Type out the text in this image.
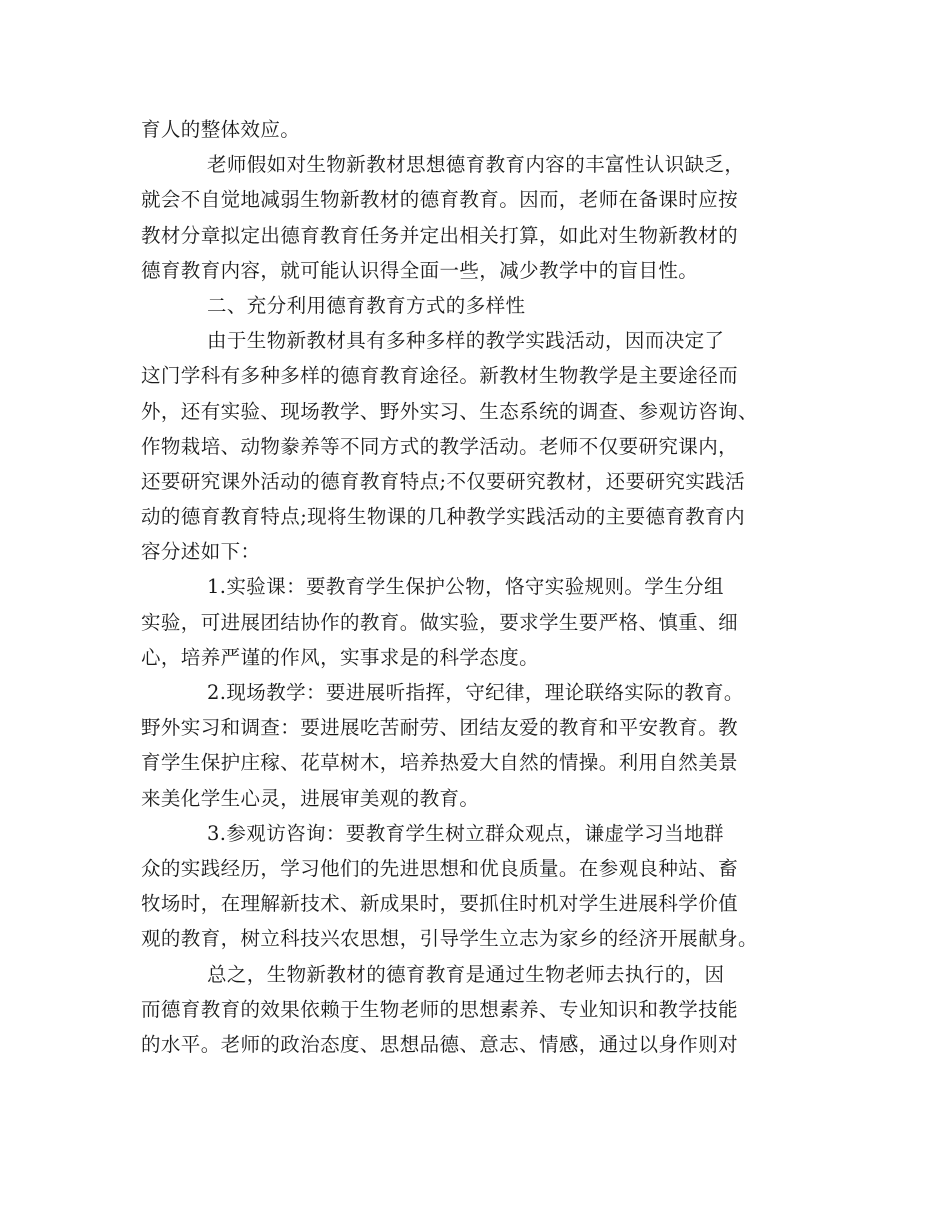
育人的整体效应。
老师假如对生物新教材思想德育教育内容的丰富性认识缺乏，
就会不自觉地减弱生物新教材的德育教育。因而，老师在备课时应按
教材分章拟定出德育教育任务并定出相关打算，如此对生物新教材的
德育教育内容，就可能认识得全面一些，减少教学中的盲目性。
二、充分利用德育教育方式的多样性
由于生物新教材具有多种多样的教学实践活动，因而决定了
这门学科有多种多样的德育教育途径。新教材生物教学是主要途径而
外，还有实验、现场教学、野外实习、生态系统的调查、参观访咨询、
作物栽培、动物豢养等不同方式的教学活动。老师不仅要研究课内，
还要研究课外活动的德育教育特点;不仅要研究教材，还要研究实践活
动的德育教育特点;现将生物课的几种教学实践活动的主要德育教育内
容分述如下：
1.实验课：要教育学生保护公物，恪守实验规则。学生分组
实验，可进展团结协作的教育。做实验，要求学生要严格、慎重、细
心，培养严谨的作风，实事求是的科学态度。
2.现场教学：要进展听指挥，守纪律，理论联络实际的教育。
野外实习和调查：要进展吃苦耐劳、团结友爱的教育和平安教育。教
育学生保护庄稼、花草树木，培养热爱大自然的情操。利用自然美景
来美化学生心灵，进展审美观的教育。
3.参观访咨询：要教育学生树立群众观点，谦虚学习当地群
众的实践经历，学习他们的先进思想和优良质量。在参观良种站、畜
牧场时，在理解新技术、新成果时，要抓住时机对学生进展科学价值
观的教育，树立科技兴农思想，引导学生立志为家乡的经济开展献身。
总之，生物新教材的德育教育是通过生物老师去执行的，因
而德育教育的效果依赖于生物老师的思想素养、专业知识和教学技能
的水平。老师的政治态度、思想品德、意志、情感，通过以身作则对
